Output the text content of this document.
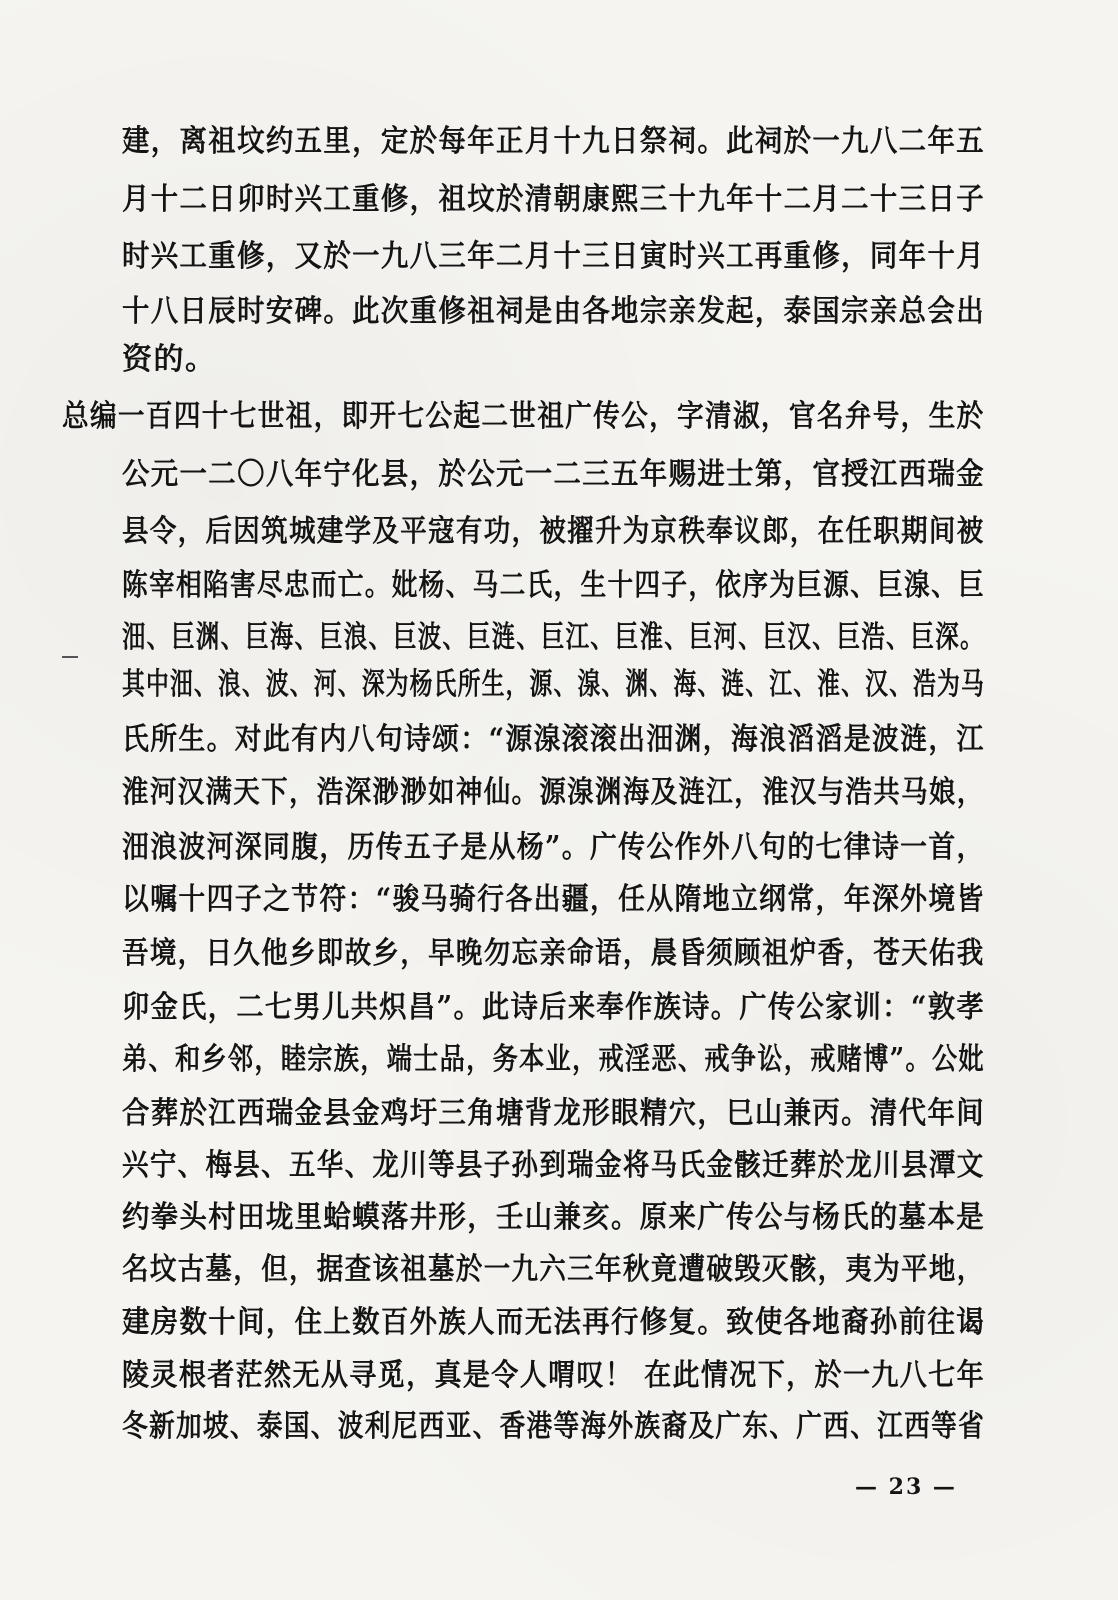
建，离祖坟约五里，定於每年正月十九日祭祠。此祠於一九八二年五
月十二日卯时兴工重修，祖坟於清朝康熙三十九年十二月二十三日子
时兴工重修，又於一九八三年二月十三日寅时兴工再重修，同年十月
十八日辰时安碑。此次重修祖祠是由各地宗亲发起，泰国宗亲总会出
资的。
总编一百四十七世祖，即开七公起二世祖广传公，字清淑，官名弁号，生於
公元一二〇八年宁化县，於公元一二三五年赐进士第，官授江西瑞金
县令，后因筑城建学及平寇有功，被擢升为京秩奉议郎，在任职期间被
陈宰相陷害尽忠而亡。妣杨、马二氏，生十四子，依序为巨源、巨湶、巨
沺、巨渊、巨海、巨浪、巨波、巨涟、巨江、巨淮、巨河、巨汉、巨浩、巨深。
其中沺、浪、波、河、深为杨氏所生，源、湶、渊、海、涟、江、淮、汉、浩为马
氏所生。对此有内八句诗颂：“源湶滚滚出沺渊，海浪滔滔是波涟，江
淮河汉满天下，浩深渺渺如神仙。源湶渊海及涟江，淮汉与浩共马娘，
沺浪波河深同腹，历传五子是从杨”。广传公作外八句的七律诗一首，
以嘱十四子之节符：“骏马骑行各出疆，任从隋地立纲常，年深外境皆
吾境，日久他乡即故乡，早晚勿忘亲命语，晨昏须顾祖炉香，苍天佑我
卯金氏，二七男儿共炽昌”。此诗后来奉作族诗。广传公家训：“敦孝
弟、和乡邻，睦宗族，端士品，务本业，戒淫恶、戒争讼，戒赌博”。公妣
合葬於江西瑞金县金鸡圩三角塘背龙形眼精穴，巳山兼丙。清代年间
兴宁、梅县、五华、龙川等县子孙到瑞金将马氏金骸迁葬於龙川县潭文
约拳头村田垅里蛤蟆落井形，壬山兼亥。原来广传公与杨氏的墓本是
名坟古墓，但，据查该祖墓於一九六三年秋竟遭破毁灭骸，夷为平地，
建房数十间，住上数百外族人而无法再行修复。致使各地裔孙前往谒
陵灵根者茫然无从寻觅，真是令人喟叹！ 在此情况下，於一九八七年
冬新加坡、泰国、波利尼西亚、香港等海外族裔及广东、广西、江西等省
— 23 —
